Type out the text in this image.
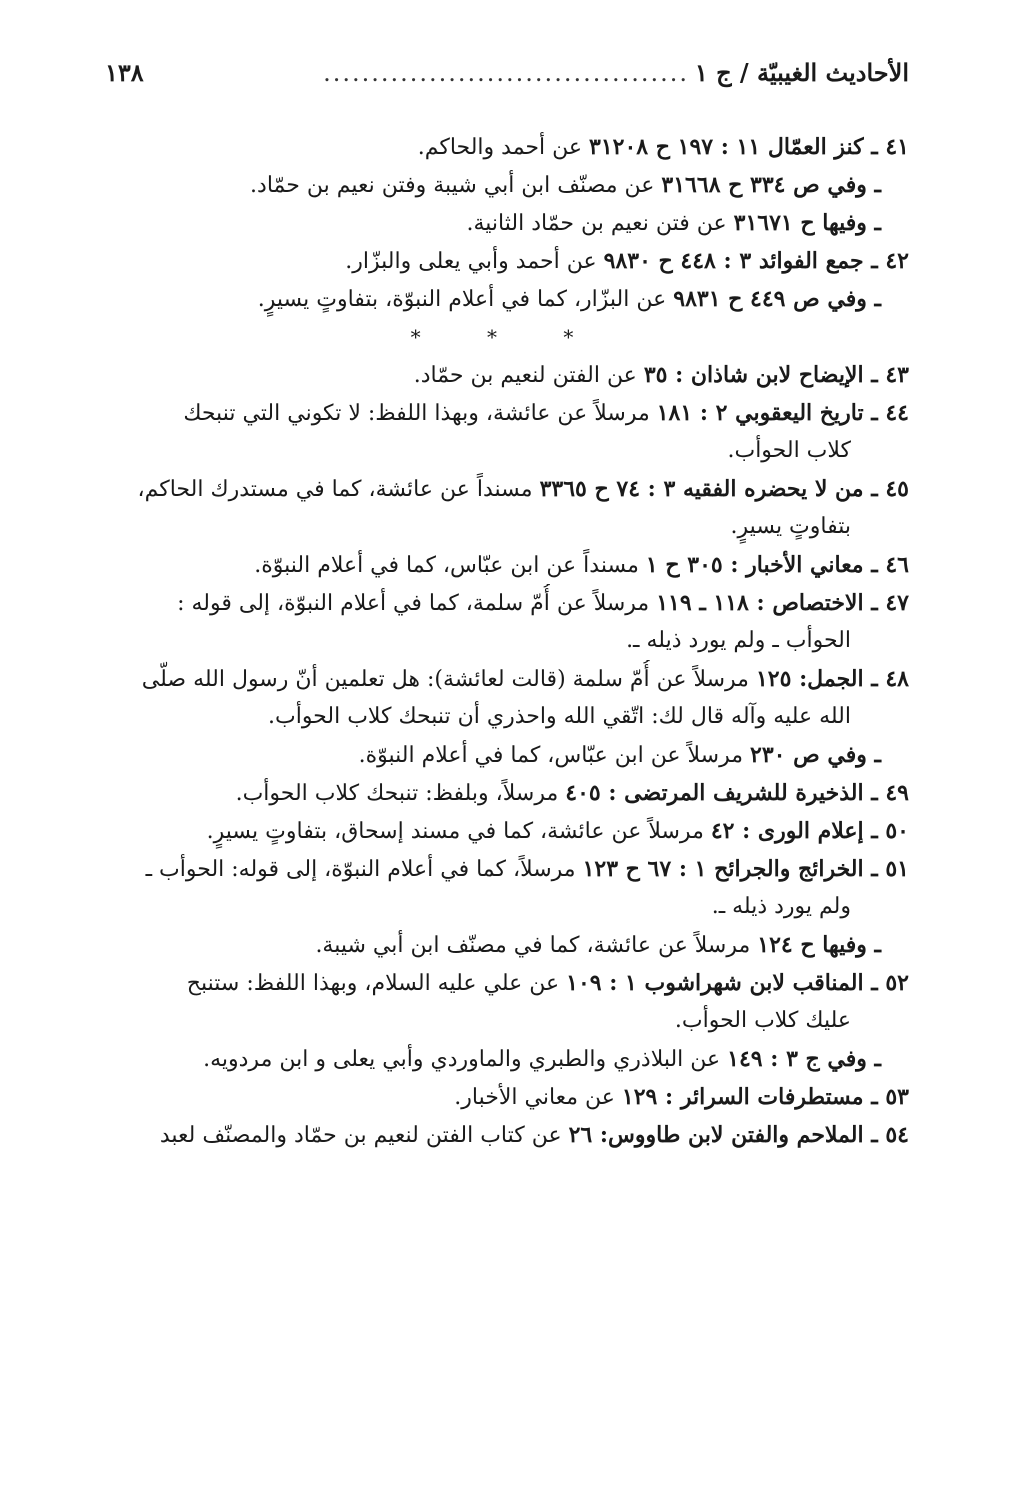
الأحاديث الغيبيّة / ج ١
......................................
١٣٨
٤١ ـ كنز العمّال ١١ : ١٩٧ ح ٣١٢٠٨ عن أحمد والحاكم.
ـ وفي ص ٣٣٤ ح ٣١٦٦٨ عن مصنّف ابن أبي شيبة وفتن نعيم بن حمّاد.
ـ وفيها ح ٣١٦٧١ عن فتن نعيم بن حمّاد الثانية.
٤٢ ـ جمع الفوائد ٣ : ٤٤٨ ح ٩٨٣٠ عن أحمد وأبي يعلى والبزّار.
ـ وفي ص ٤٤٩ ح ٩٨٣١ عن البزّار، كما في أعلام النبوّة، بتفاوتٍ يسيرٍ.
* * *
٤٣ ـ الإيضاح لابن شاذان : ٣٥ عن الفتن لنعيم بن حمّاد.
٤٤ ـ تاريخ اليعقوبي ٢ : ١٨١ مرسلاً عن عائشة، وبهذا اللفظ: لا تكوني التي تنبحك
كلاب الحوأب.
٤٥ ـ من لا يحضره الفقيه ٣ : ٧٤ ح ٣٣٦٥ مسنداً عن عائشة، كما في مستدرك الحاكم،
بتفاوتٍ يسيرٍ.
٤٦ ـ معاني الأخبار : ٣٠٥ ح ١ مسنداً عن ابن عبّاس، كما في أعلام النبوّة.
٤٧ ـ الاختصاص : ١١٨ ـ ١١٩ مرسلاً عن أُمّ سلمة، كما في أعلام النبوّة، إلى قوله :
الحوأب ـ ولم يورد ذيله ـ.
٤٨ ـ الجمل: ١٢٥ مرسلاً عن أُمّ سلمة (قالت لعائشة): هل تعلمين أنّ رسول الله صلّى
الله عليه وآله قال لك: اتّقي الله واحذري أن تنبحك كلاب الحوأب.
ـ وفي ص ٢٣٠ مرسلاً عن ابن عبّاس، كما في أعلام النبوّة.
٤٩ ـ الذخيرة للشريف المرتضى : ٤٠٥ مرسلاً، وبلفظ: تنبحك كلاب الحوأب.
٥٠ ـ إعلام الورى : ٤٢ مرسلاً عن عائشة، كما في مسند إسحاق، بتفاوتٍ يسيرٍ.
٥١ ـ الخرائج والجرائح ١ : ٦٧ ح ١٢٣ مرسلاً، كما في أعلام النبوّة، إلى قوله: الحوأب ـ
ولم يورد ذيله ـ.
ـ وفيها ح ١٢٤ مرسلاً عن عائشة، كما في مصنّف ابن أبي شيبة.
٥٢ ـ المناقب لابن شهراشوب ١ : ١٠٩ عن علي عليه السلام، وبهذا اللفظ: ستنبح
عليك كلاب الحوأب.
ـ وفي ج ٣ : ١٤٩ عن البلاذري والطبري والماوردي وأبي يعلى و ابن مردويه.
٥٣ ـ مستطرفات السرائر : ١٢٩ عن معاني الأخبار.
٥٤ ـ الملاحم والفتن لابن طاووس: ٢٦ عن كتاب الفتن لنعيم بن حمّاد والمصنّف لعبد
